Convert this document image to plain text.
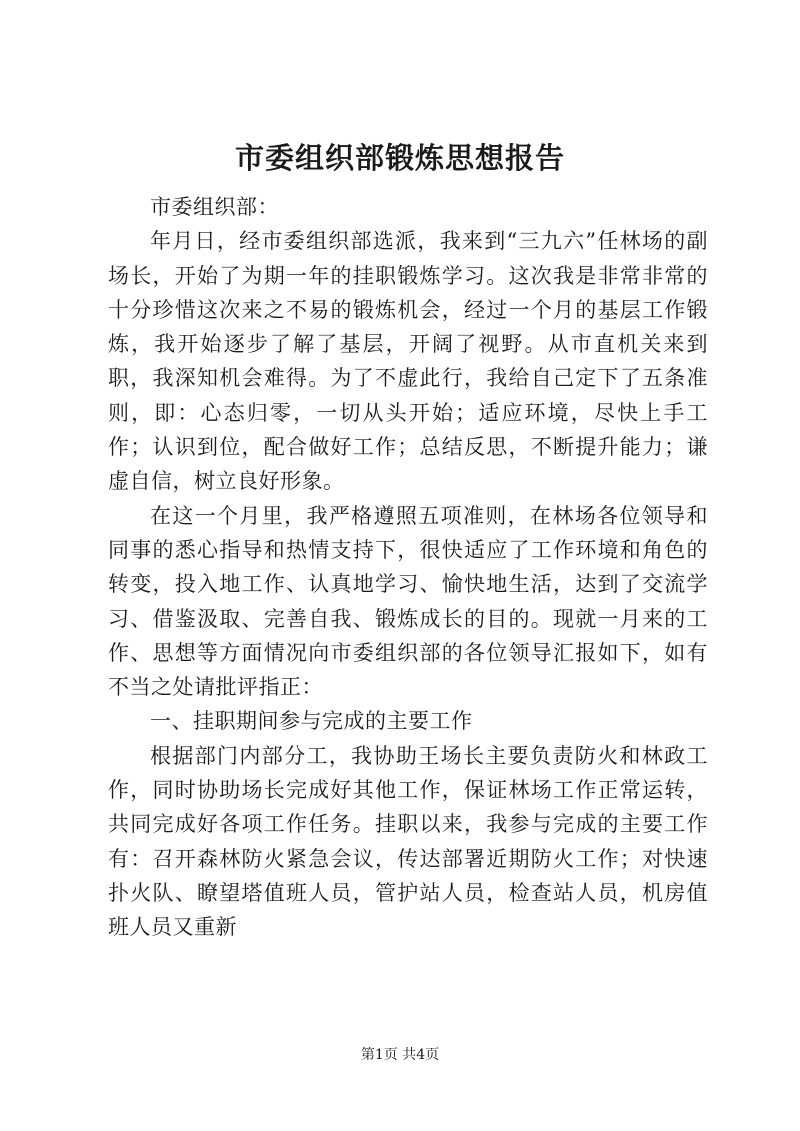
市委组织部锻炼思想报告

市委组织部：

年月日，经市委组织部选派，我来到“三九六”任林场的副场长，开始了为期一年的挂职锻炼学习。这次我是非常非常的十分珍惜这次来之不易的锻炼机会，经过一个月的基层工作锻炼，我开始逐步了解了基层，开阔了视野。从市直机关来到职，我深知机会难得。为了不虚此行，我给自己定下了五条准则，即：心态归零，一切从头开始；适应环境，尽快上手工作；认识到位，配合做好工作；总结反思，不断提升能力；谦虚自信，树立良好形象。

在这一个月里，我严格遵照五项准则，在林场各位领导和同事的悉心指导和热情支持下，很快适应了工作环境和角色的转变，投入地工作、认真地学习、愉快地生活，达到了交流学习、借鉴汲取、完善自我、锻炼成长的目的。现就一月来的工作、思想等方面情况向市委组织部的各位领导汇报如下，如有不当之处请批评指正：

一、挂职期间参与完成的主要工作

根据部门内部分工，我协助王场长主要负责防火和林政工作，同时协助场长完成好其他工作，保证林场工作正常运转，共同完成好各项工作任务。挂职以来，我参与完成的主要工作有：召开森林防火紧急会议，传达部署近期防火工作；对快速扑火队、瞭望塔值班人员，管护站人员，检查站人员，机房值班人员又重新

第1页 共4页
